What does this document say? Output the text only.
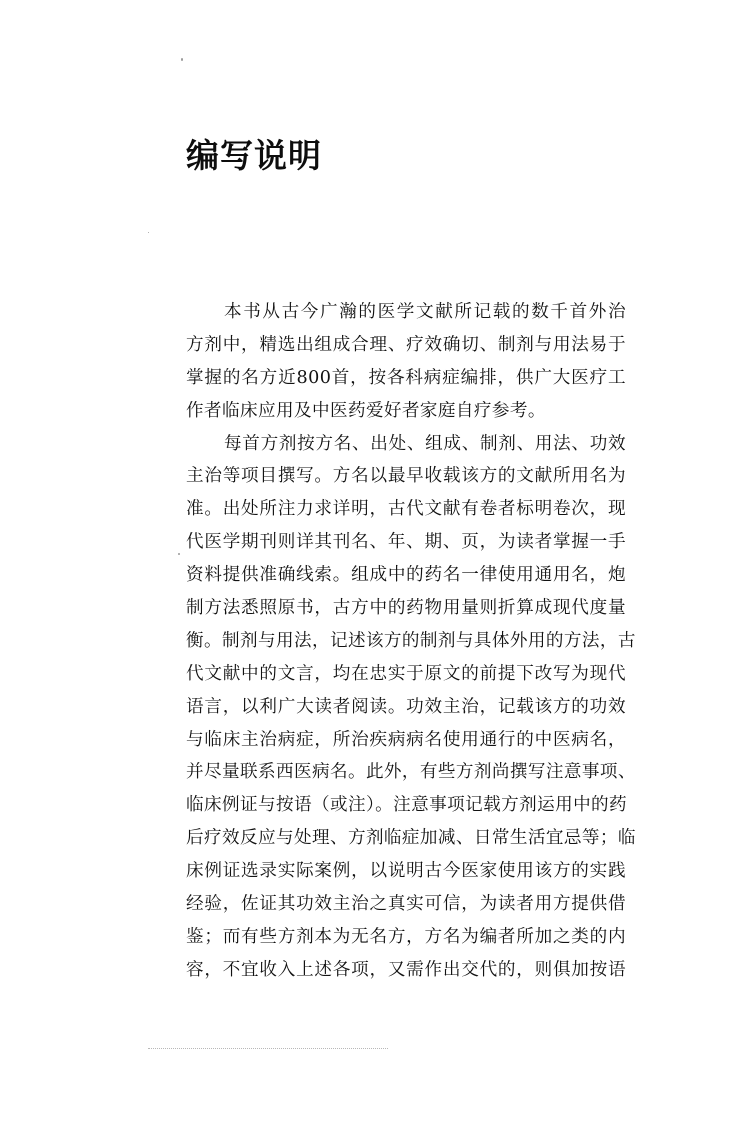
编写说明
本书从古今广瀚的医学文献所记载的数千首外治
方剂中，精选出组成合理、疗效确切、制剂与用法易于
掌握的名方近800首，按各科病症编排，供广大医疗工
作者临床应用及中医药爱好者家庭自疗参考。
每首方剂按方名、出处、组成、制剂、用法、功效
主治等项目撰写。方名以最早收载该方的文献所用名为
准。出处所注力求详明，古代文献有卷者标明卷次，现
代医学期刊则详其刊名、年、期、页，为读者掌握一手
资料提供准确线索。组成中的药名一律使用通用名，炮
制方法悉照原书，古方中的药物用量则折算成现代度量
衡。制剂与用法，记述该方的制剂与具体外用的方法，古
代文献中的文言，均在忠实于原文的前提下改写为现代
语言，以利广大读者阅读。功效主治，记载该方的功效
与临床主治病症，所治疾病病名使用通行的中医病名，
并尽量联系西医病名。此外，有些方剂尚撰写注意事项、
临床例证与按语（或注）。注意事项记载方剂运用中的药
后疗效反应与处理、方剂临症加减、日常生活宜忌等；临
床例证选录实际案例，以说明古今医家使用该方的实践
经验，佐证其功效主治之真实可信，为读者用方提供借
鉴；而有些方剂本为无名方，方名为编者所加之类的内
容，不宜收入上述各项，又需作出交代的，则俱加按语
